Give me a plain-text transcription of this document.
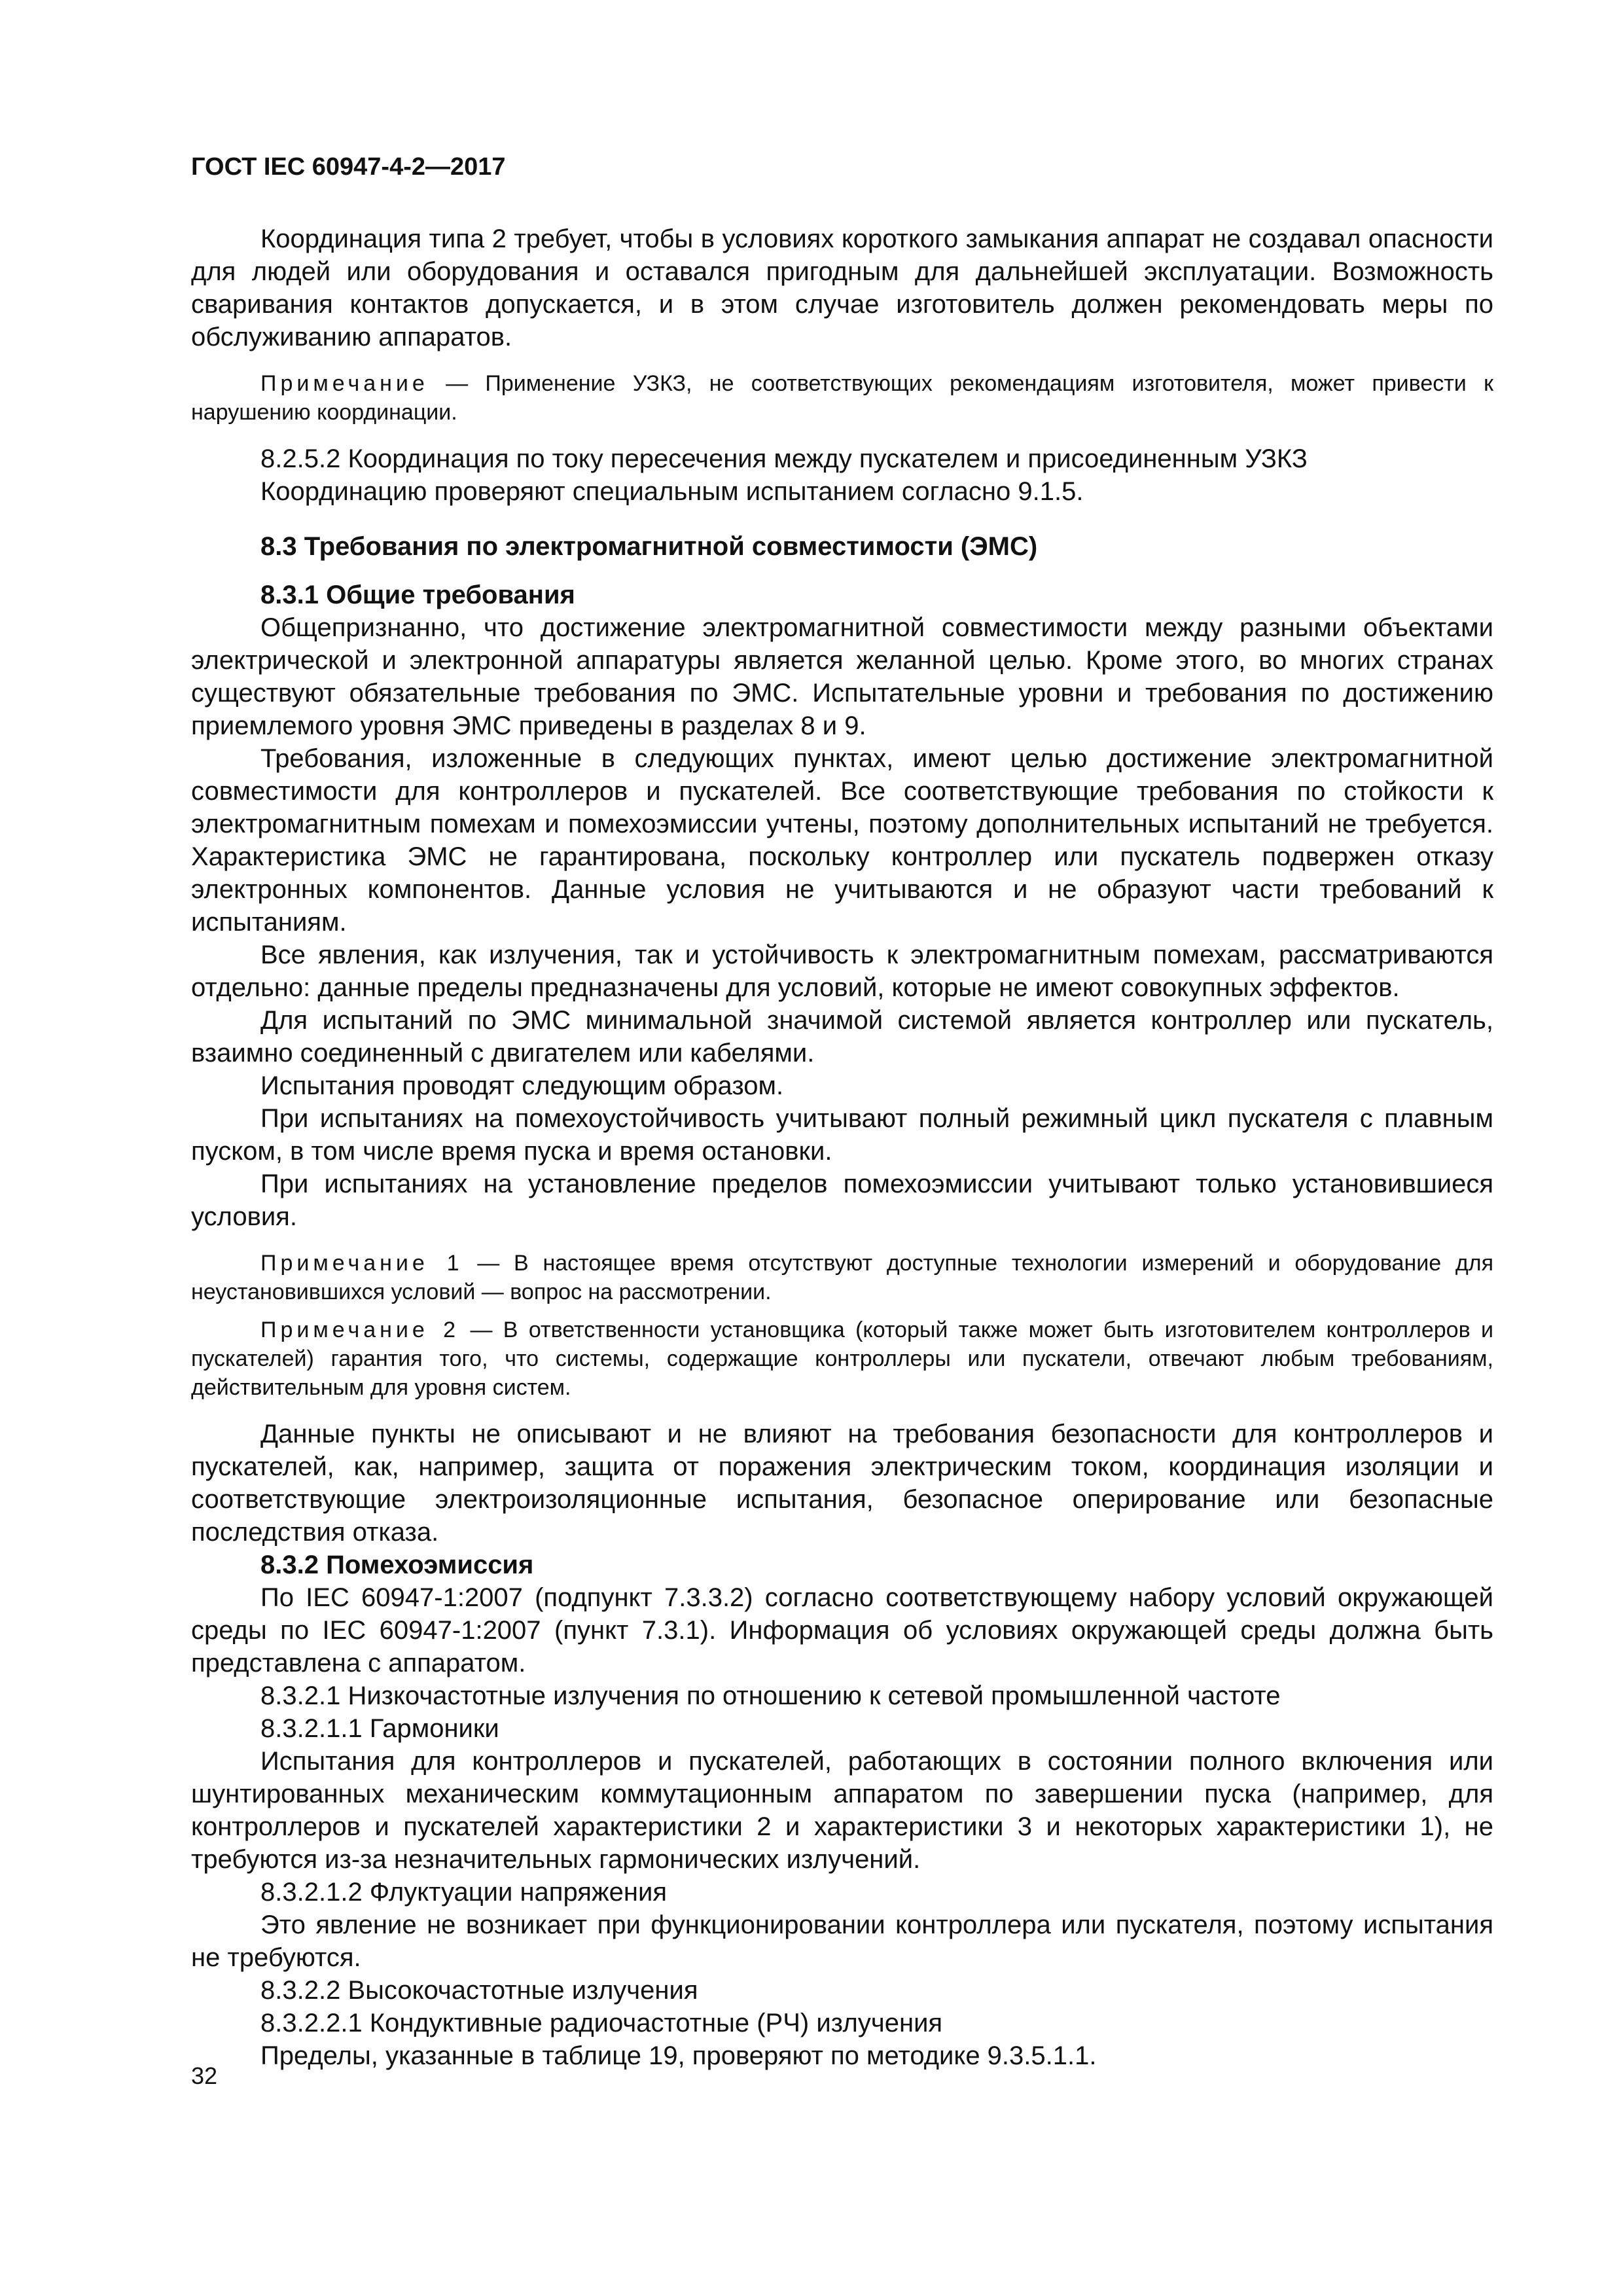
ГОСТ IEC 60947-4-2—2017

Координация типа 2 требует, чтобы в условиях короткого замыкания аппарат не создавал опасности для людей или оборудования и оставался пригодным для дальнейшей эксплуатации. Возможность сваривания контактов допускается, и в этом случае изготовитель должен рекомендовать меры по обслуживанию аппаратов.

Примечание — Применение УЗКЗ, не соответствующих рекомендациям изготовителя, может привести к нарушению координации.

8.2.5.2 Координация по току пересечения между пускателем и присоединенным УЗКЗ

Координацию проверяют специальным испытанием согласно 9.1.5.

8.3 Требования по электромагнитной совместимости (ЭМС)

8.3.1 Общие требования

Общепризнанно, что достижение электромагнитной совместимости между разными объектами электрической и электронной аппаратуры является желанной целью. Кроме этого, во многих странах существуют обязательные требования по ЭМС. Испытательные уровни и требования по достижению приемлемого уровня ЭМС приведены в разделах 8 и 9.

Требования, изложенные в следующих пунктах, имеют целью достижение электромагнитной совместимости для контроллеров и пускателей. Все соответствующие требования по стойкости к электромагнитным помехам и помехоэмиссии учтены, поэтому дополнительных испытаний не требуется. Характеристика ЭМС не гарантирована, поскольку контроллер или пускатель подвержен отказу электронных компонентов. Данные условия не учитываются и не образуют части требований к испытаниям.

Все явления, как излучения, так и устойчивость к электромагнитным помехам, рассматриваются отдельно: данные пределы предназначены для условий, которые не имеют совокупных эффектов.

Для испытаний по ЭМС минимальной значимой системой является контроллер или пускатель, взаимно соединенный с двигателем или кабелями.

Испытания проводят следующим образом.

При испытаниях на помехоустойчивость учитывают полный режимный цикл пускателя с плавным пуском, в том числе время пуска и время остановки.

При испытаниях на установление пределов помехоэмиссии учитывают только установившиеся условия.

Примечание 1 — В настоящее время отсутствуют доступные технологии измерений и оборудование для неустановившихся условий — вопрос на рассмотрении.

Примечание 2 — В ответственности установщика (который также может быть изготовителем контроллеров и пускателей) гарантия того, что системы, содержащие контроллеры или пускатели, отвечают любым требованиям, действительным для уровня систем.

Данные пункты не описывают и не влияют на требования безопасности для контроллеров и пускателей, как, например, защита от поражения электрическим током, координация изоляции и соответствующие электроизоляционные испытания, безопасное оперирование или безопасные последствия отказа.

8.3.2 Помехоэмиссия

По IEC 60947-1:2007 (подпункт 7.3.3.2) согласно соответствующему набору условий окружающей среды по IEC 60947-1:2007 (пункт 7.3.1). Информация об условиях окружающей среды должна быть представлена с аппаратом.

8.3.2.1 Низкочастотные излучения по отношению к сетевой промышленной частоте

8.3.2.1.1 Гармоники

Испытания для контроллеров и пускателей, работающих в состоянии полного включения или шунтированных механическим коммутационным аппаратом по завершении пуска (например, для контроллеров и пускателей характеристики 2 и характеристики 3 и некоторых характеристики 1), не требуются из-за незначительных гармонических излучений.

8.3.2.1.2 Флуктуации напряжения

Это явление не возникает при функционировании контроллера или пускателя, поэтому испытания не требуются.

8.3.2.2 Высокочастотные излучения

8.3.2.2.1 Кондуктивные радиочастотные (РЧ) излучения

Пределы, указанные в таблице 19, проверяют по методике 9.3.5.1.1.

32
